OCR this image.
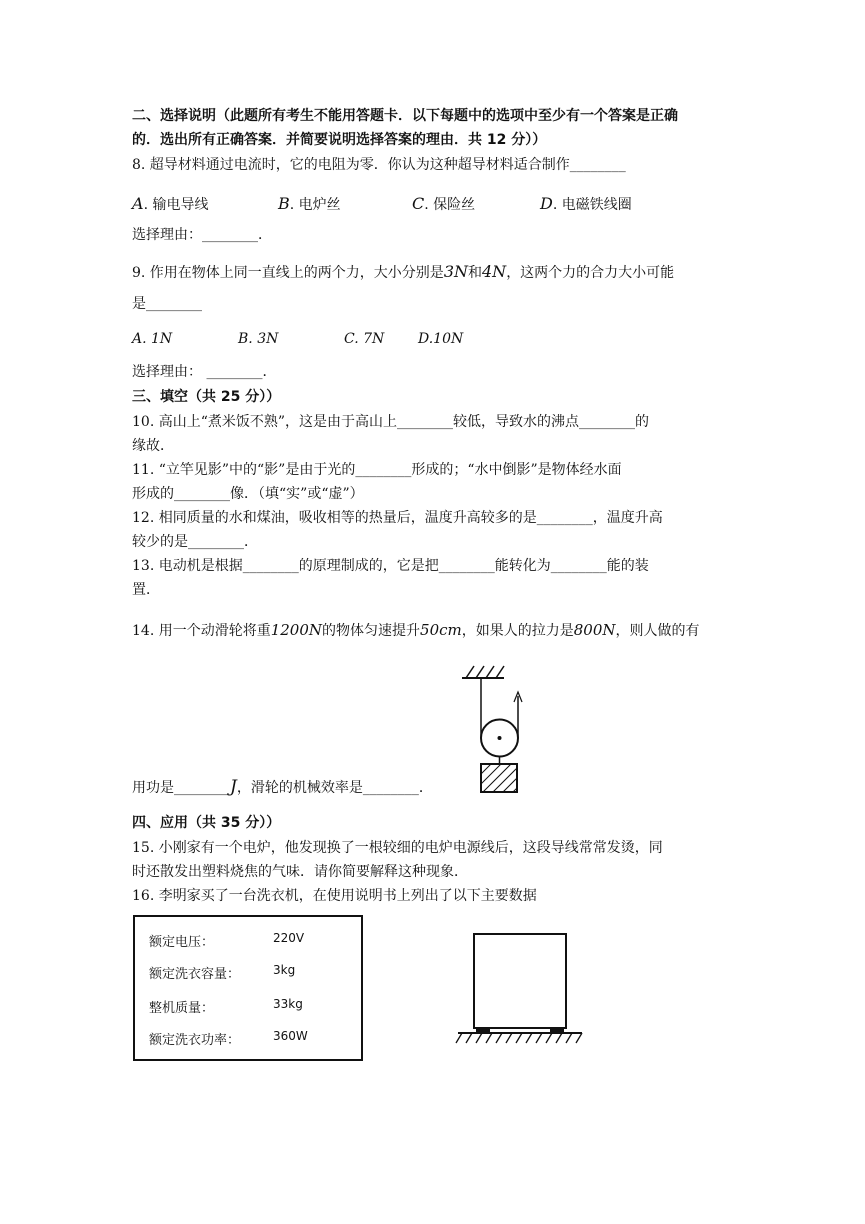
二、选择说明（此题所有考生不能用答题卡．以下每题中的选项中至少有一个答案是正确
的．选出所有正确答案．并简要说明选择答案的理由．共 12 分））
8. 超导材料通过电流时，它的电阻为零．你认为这种超导材料适合制作________
A. 输电导线	B. 电炉丝	C. 保险丝	D. 电磁铁线圈
选择理由：________．
9. 作用在物体上同一直线上的两个力，大小分别是3N和4N，这两个力的合力大小可能
是________
A. 1N	B. 3N	C. 7N D.10N
选择理由： ________．
三、填空（共 25 分））
10. 高山上“煮米饭不熟”，这是由于高山上________较低，导致水的沸点________的
缘故．
11. “立竿见影”中的“影”是由于光的________形成的；“水中倒影”是物体经水面
形成的________像．（填“实”或“虚”）
12. 相同质量的水和煤油，吸收相等的热量后，温度升高较多的是________，温度升高
较少的是________．
13. 电动机是根据________的原理制成的，它是把________能转化为________能的装
置．
14. 用一个动滑轮将重1200N的物体匀速提升50cm，如果人的拉力是800N，则人做的有
用功是________J，滑轮的机械效率是________．
四、应用（共 35 分））
15. 小刚家有一个电炉，他发现换了一根较细的电炉电源线后，这段导线常常发烫，同
时还散发出塑料烧焦的气味．请你简要解释这种现象．
16. 李明家买了一台洗衣机，在使用说明书上列出了以下主要数据
额定电压：	220V
额定洗衣容量：	3kg
整机质量：	33kg
额定洗衣功率：	360W
